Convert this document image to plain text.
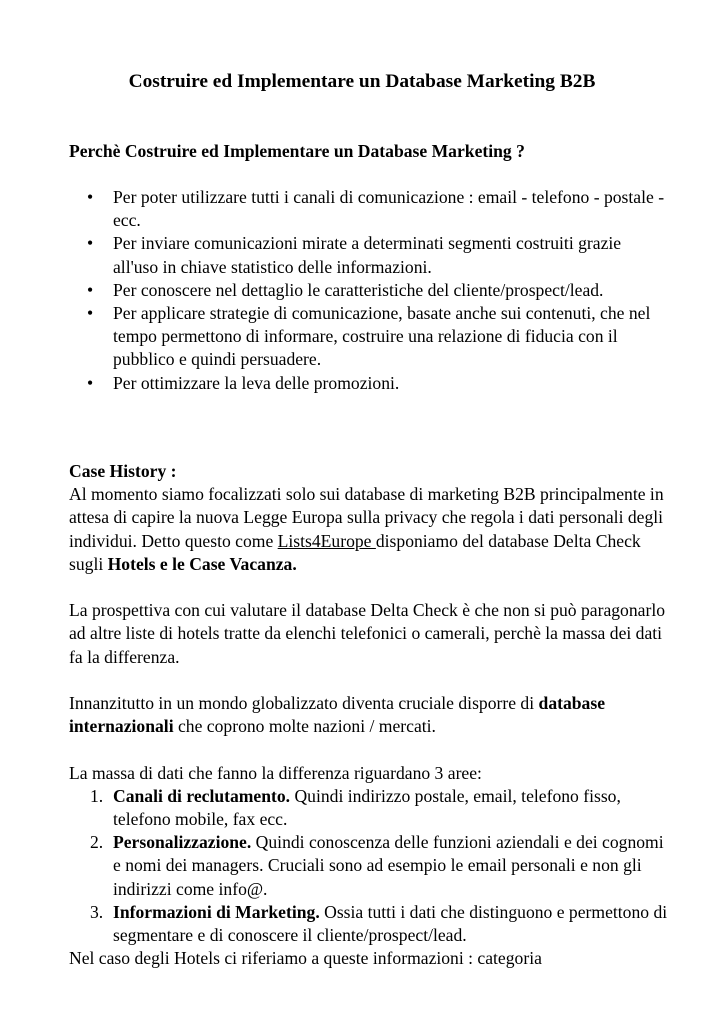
Costruire ed Implementare un Database Marketing B2B
Perchè Costruire ed Implementare un Database Marketing ?
• Per poter utilizzare tutti i canali di comunicazione : email - telefono - postale - ecc.
• Per inviare comunicazioni mirate a determinati segmenti costruiti grazie all'uso in chiave statistico delle informazioni.
• Per conoscere nel dettaglio le caratteristiche del cliente/prospect/lead.
• Per applicare strategie di comunicazione, basate anche sui contenuti, che nel tempo permettono di informare, costruire una relazione di fiducia con il pubblico e quindi persuadere.
• Per ottimizzare la leva delle promozioni.

Case History :

Al momento siamo focalizzati solo sui database di marketing B2B principalmente in attesa di capire la nuova Legge Europa sulla privacy che regola i dati personali degli individui. Detto questo come Lists4Europe disponiamo del database Delta Check sugli Hotels e le Case Vacanza.

La prospettiva con cui valutare il database Delta Check è che non si può paragonarlo ad altre liste di hotels tratte da elenchi telefonici o camerali, perchè la massa dei dati fa la differenza.

Innanzitutto in un mondo globalizzato diventa cruciale disporre di database internazionali che coprono molte nazioni / mercati.

La massa di dati che fanno la differenza riguardano 3 aree:

1. Canali di reclutamento. Quindi indirizzo postale, email, telefono fisso, telefono mobile, fax ecc.
2. Personalizzazione. Quindi conoscenza delle funzioni aziendali e dei cognomi e nomi dei managers. Cruciali sono ad esempio le email personali e non gli indirizzi come info@.
3. Informazioni di Marketing. Ossia tutti i dati che distinguono e permettono di segmentare e di conoscere il cliente/prospect/lead.

Nel caso degli Hotels ci riferiamo a queste informazioni : categoria
